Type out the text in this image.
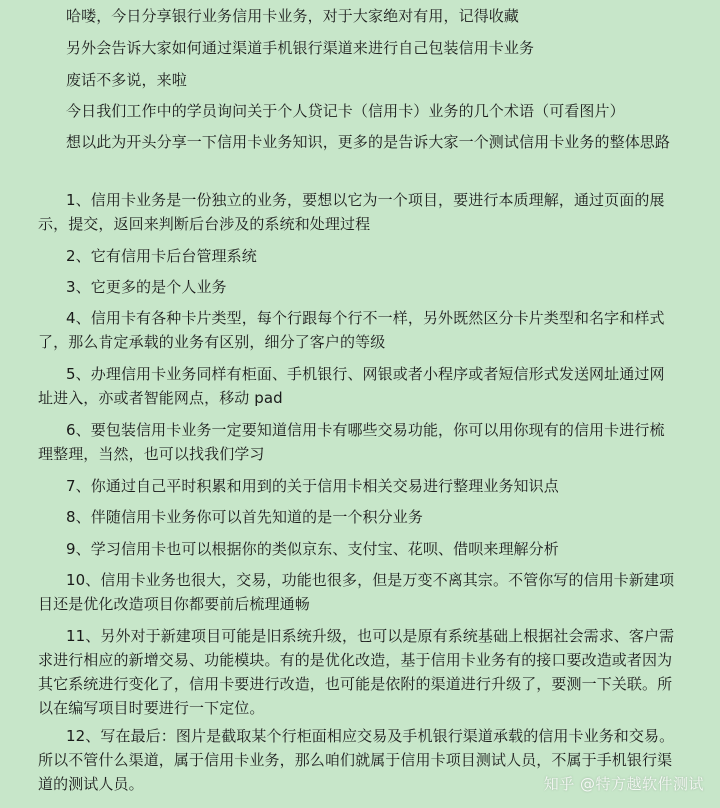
哈喽，今日分享银行业务信用卡业务，对于大家绝对有用，记得收藏
另外会告诉大家如何通过渠道手机银行渠道来进行自己包装信用卡业务
废话不多说，来啦
今日我们工作中的学员询问关于个人贷记卡（信用卡）业务的几个术语（可看图片）
想以此为开头分享一下信用卡业务知识，更多的是告诉大家一个测试信用卡业务的整体思路
1、信用卡业务是一份独立的业务，要想以它为一个项目，要进行本质理解，通过页面的展示，提交，返回来判断后台涉及的系统和处理过程
2、它有信用卡后台管理系统
3、它更多的是个人业务
4、信用卡有各种卡片类型，每个行跟每个行不一样，另外既然区分卡片类型和名字和样式了，那么肯定承载的业务有区别，细分了客户的等级
5、办理信用卡业务同样有柜面、手机银行、网银或者小程序或者短信形式发送网址通过网址进入，亦或者智能网点，移动 pad
6、要包装信用卡业务一定要知道信用卡有哪些交易功能，你可以用你现有的信用卡进行梳理整理，当然，也可以找我们学习
7、你通过自己平时积累和用到的关于信用卡相关交易进行整理业务知识点
8、伴随信用卡业务你可以首先知道的是一个积分业务
9、学习信用卡也可以根据你的类似京东、支付宝、花呗、借呗来理解分析
10、信用卡业务也很大，交易，功能也很多，但是万变不离其宗。不管你写的信用卡新建项目还是优化改造项目你都要前后梳理通畅
11、另外对于新建项目可能是旧系统升级，也可以是原有系统基础上根据社会需求、客户需求进行相应的新增交易、功能模块。有的是优化改造，基于信用卡业务有的接口要改造或者因为其它系统进行变化了，信用卡要进行改造，也可能是依附的渠道进行升级了，要测一下关联。所以在编写项目时要进行一下定位。
12、写在最后：图片是截取某个行柜面相应交易及手机银行渠道承载的信用卡业务和交易。所以不管什么渠道，属于信用卡业务，那么咱们就属于信用卡项目测试人员，不属于手机银行渠道的测试人员。	知乎 @特方越软件测试
